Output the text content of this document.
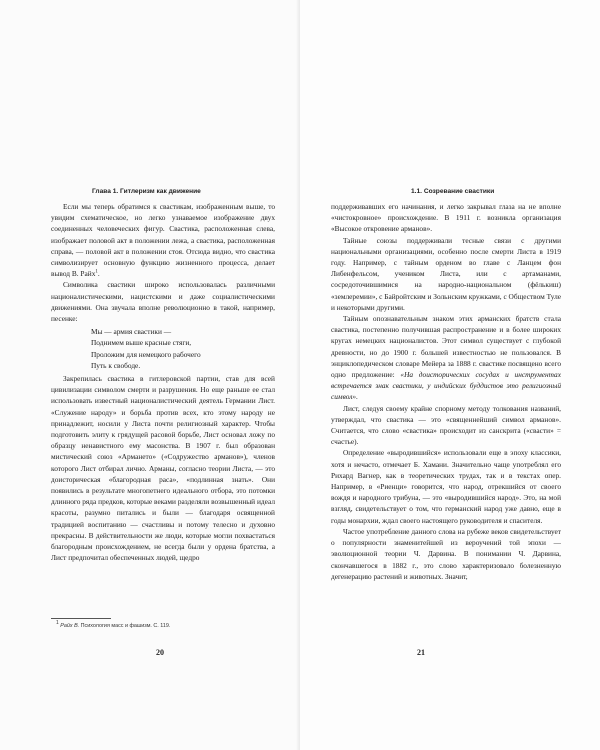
Глава 1. Гитлеризм как движение

Если мы теперь обратимся к свастикам, изображенным выше, то увидим схематическое, но легко узнаваемое изображение двух соединенных человеческих фигур. Свастика, расположенная слева, изображает половой акт в положении лежа, а свастика, расположенная справа, — половой акт в положении стоя. Отсюда видно, что свастика символизирует основную функцию жизненного процесса, делает вывод В. Райх$^1$.

Символика свастики широко использовалась различными националистическими, нацистскими и даже социалистическими движениями. Она звучала вполне революционно в такой, например, песенке:

Мы — армия свастики —
Поднимем выше красные стяги,
Проложим для немецкого рабочего
Путь к свободе.

Закрепилась свастика в гитлеровской партии, став для всей цивилизации символом смерти и разрушения. Но еще раньше ее стал использовать известный националистический деятель Германии Лист. «Служение народу» и борьба против всех, кто этому народу не принадлежит, носили у Листа почти религиозный характер. Чтобы подготовить элиту к грядущей расовой борьбе, Лист основал ложу по образцу ненавистного ему масонства. В 1907 г. был образован мистический союз «Армането» («Содружество арманов»), членов которого Лист отбирал лично. Арманы, согласно теории Листа, — это доисторическая «благородная раса», «подлинная знать». Они появились в результате многопетнего идеального отбора, это потомки длинного ряда предков, которые веками разделяли возвышенный идеал красоты, разумно питались и были — благодаря освященной традицией воспитанию — счастливы и потому телесно и духовно прекрасны. В действительности же люди, которые могли похвастаться благородным происхождением, не всегда были у ордена братства, а Лист предпочитал обеспеченных людей, щедро

$^1$ Райх В. Психология масс и фашизм. С. 119.
20
1.1. Созревание свастики

поддерживавших его начинания, и легко закрывал глаза на не вполне «чистокровное» происхождение. В 1911 г. возникла организация «Высокое откровение арманов».

Тайные союзы поддерживали тесные связи с другими национальными организациями, особенно после смерти Листа в 1919 году. Например, с тайным орденом во главе с Ланцем фон Либенфельсом, учеником Листа, или с артаманами, сосредоточившимися на народно-национальном (фёлькиш) «землеремии», с Байройтским и Зольнским кружками, с Обществом Туле и некоторыми другими.

Тайным опознавательным знаком этих арманских братств стала свастика, постепенно получившая распространение и в более широких кругах немецких националистов. Этот символ существует с глубокой древности, но до 1900 г. большей известностью не пользовался. В энциклопедическом словаре Мейера за 1888 г. свастике посвящено всего одно предложение: «На доисторических сосудах и инструментах встречается знак свастики, у индийских буддистов это религиозный символ».

Лист, следуя своему крайне спорному методу толкования названий, утверждал, что свастика — это «священнейший символ арманов». Считается, что слово «свастика» происходит из санскрита («свасти» = счастье).

Определение «выродившийся» использовали еще в эпоху классики, хотя и нечасто, отмечает Б. Хамани. Значительно чаще употреблял его Рихард Вагнер, как в теоретических трудах, так и в текстах опер. Например, в «Риенци» говорится, что народ, отрекшийся от своего вождя и народного трибуна, — это «выродившийся народ». Это, на мой взгляд, свидетельствует о том, что германский народ уже давно, еще в годы монархии, ждал своего настоящего руководителя и спасителя.

Частое употребление данного слова на рубеже веков свидетельствует о популярности знаменитейшей из вероучений той эпохи — эволюционной теории Ч. Дарвина. В понимании Ч. Дарвина, скончавшегося в 1882 г., это слово характеризовало болезненную дегенерацию растений и животных. Значит,

21
